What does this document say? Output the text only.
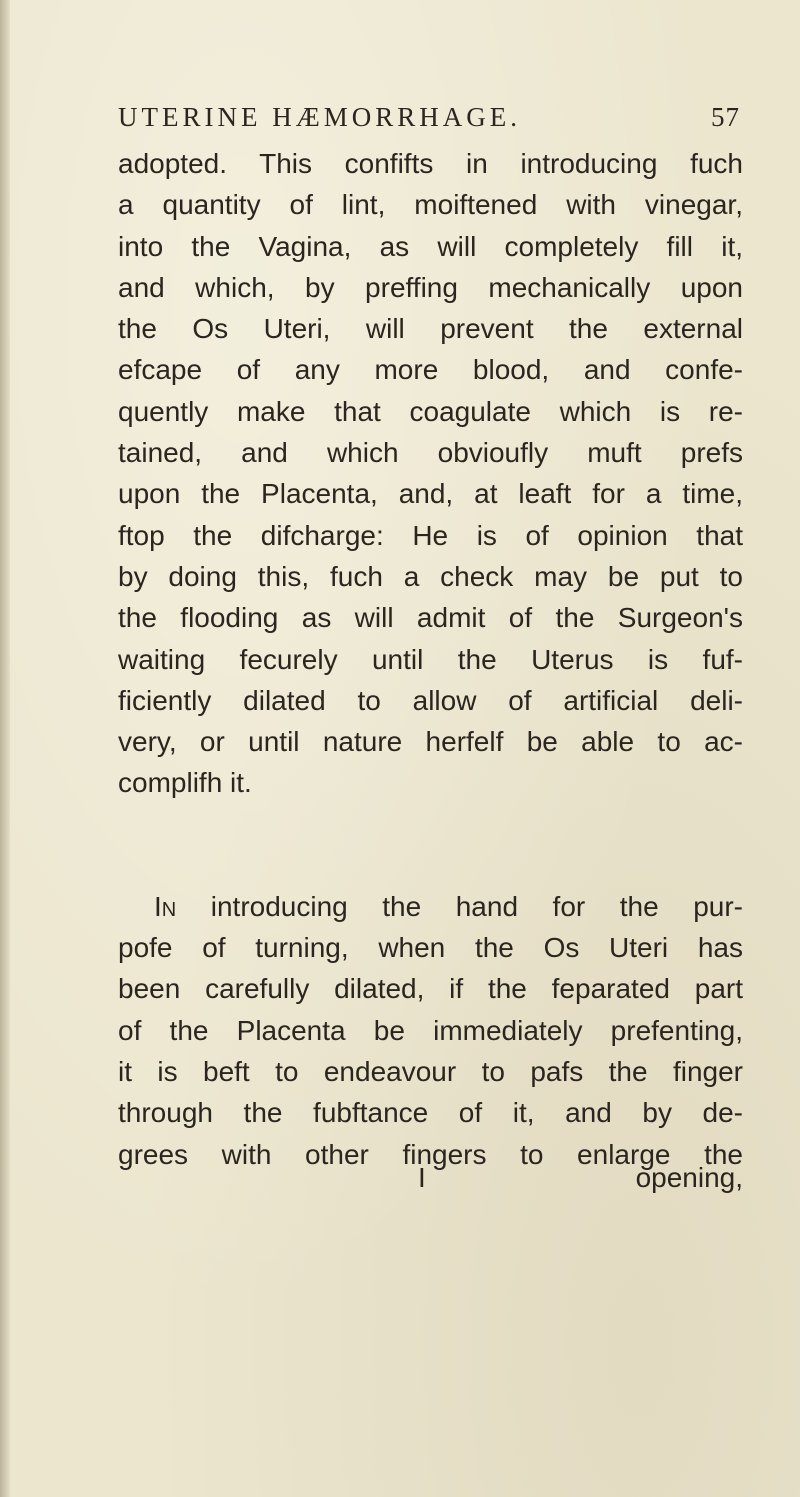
UTERINE HÆMORRHAGE.	57
adopted. This confifts in introducing fuch
a quantity of lint, moiftened with vinegar,
into the Vagina, as will completely fill it,
and which, by preffing mechanically upon
the Os Uteri, will prevent the external
efcape of any more blood, and confe-
quently make that coagulate which is re-
tained, and which obvioufly muft prefs
upon the Placenta, and, at leaft for a time,
ftop the difcharge: He is of opinion that
by doing this, fuch a check may be put to
the flooding as will admit of the Surgeon's
waiting fecurely until the Uterus is fuf-
ficiently dilated to allow of artificial deli-
very, or until nature herfelf be able to ac-
complifh it.
In introducing the hand for the pur-
pofe of turning, when the Os Uteri has
been carefully dilated, if the feparated part
of the Placenta be immediately prefenting,
it is beft to endeavour to pafs the finger
through the fubftance of it, and by de-
grees with other fingers to enlarge the
I	opening,
